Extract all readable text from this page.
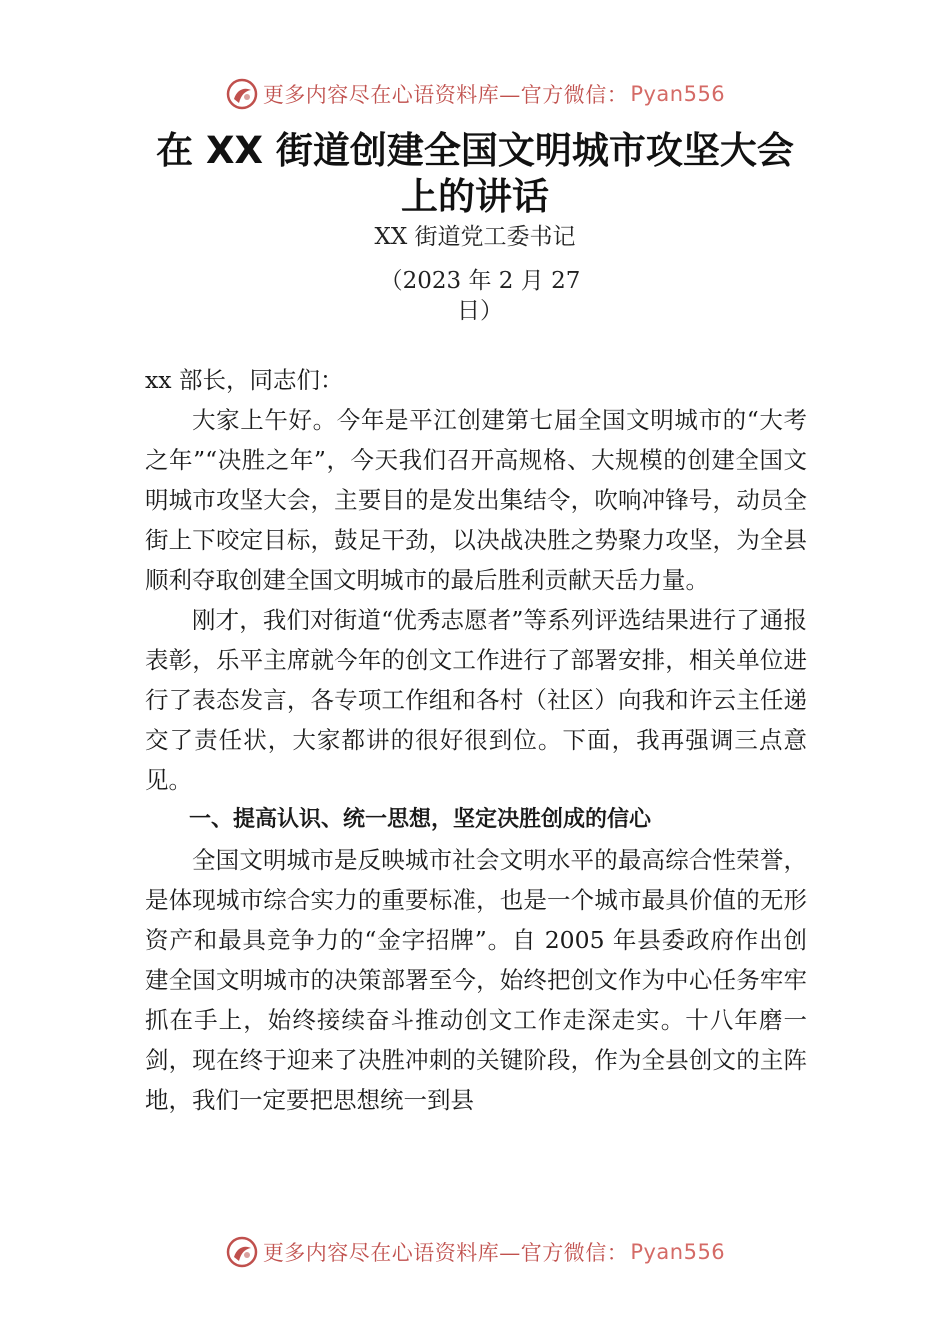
更多内容尽在心语资料库—官方微信： Pyan556
在 XX 街道创建全国文明城市攻坚大会上的讲话
XX 街道党工委书记
（2023 年 2 月 27 日）

xx 部长，同志们：

大家上午好。今年是平江创建第七届全国文明城市的“大考之年”“决胜之年”，今天我们召开高规格、大规模的创建全国文明城市攻坚大会，主要目的是发出集结令，吹响冲锋号，动员全街上下咬定目标，鼓足干劲，以决战决胜之势聚力攻坚，为全县顺利夺取创建全国文明城市的最后胜利贡献天岳力量。

刚才，我们对街道“优秀志愿者”等系列评选结果进行了通报表彰，乐平主席就今年的创文工作进行了部署安排，相关单位进行了表态发言，各专项工作组和各村（社区）向我和许云主任递交了责任状，大家都讲的很好很到位。下面，我再强调三点意见。

一、提高认识、统一思想，坚定决胜创成的信心

全国文明城市是反映城市社会文明水平的最高综合性荣誉，是体现城市综合实力的重要标准，也是一个城市最具价值的无形资产和最具竞争力的“金字招牌”。自 2005 年县委政府作出创建全国文明城市的决策部署至今，始终把创文作为中心任务牢牢抓在手上，始终接续奋斗推动创文工作走深走实。十八年磨一剑，现在终于迎来了决胜冲刺的关键阶段，作为全县创文的主阵地，我们一定要把思想统一到县

更多内容尽在心语资料库—官方微信： Pyan556
